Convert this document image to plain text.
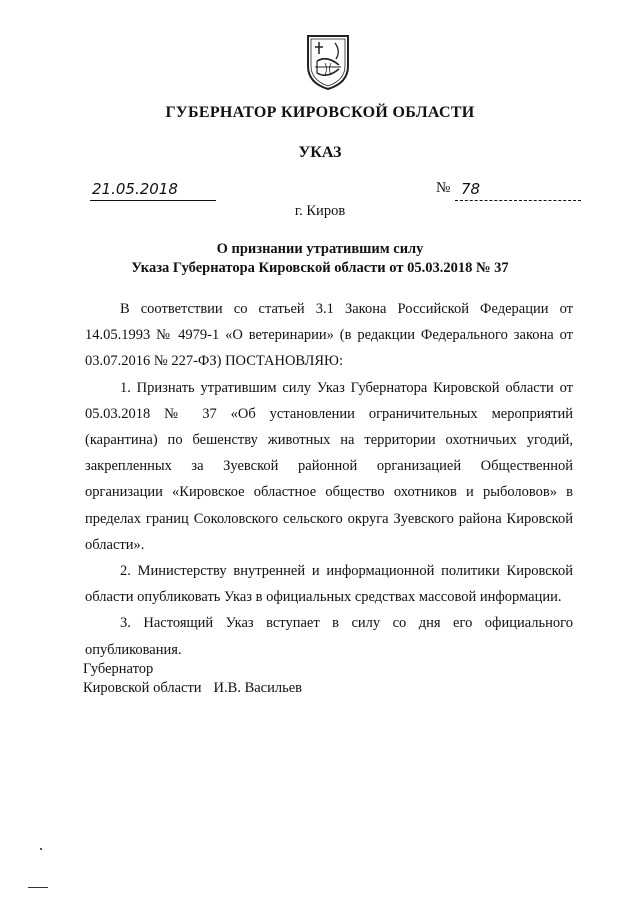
ГУБЕРНАТОР КИРОВСКОЙ ОБЛАСТИ
УКАЗ
21.05.2018	№ 78
г. Киров
О признании утратившим силу
Указа Губернатора Кировской области от 05.03.2018 № 37

В соответствии со статьей 3.1 Закона Российской Федерации от 14.05.1993 № 4979-1 «О ветеринарии» (в редакции Федерального закона от 03.07.2016 № 227-ФЗ) ПОСТАНОВЛЯЮ:

1. Признать утратившим силу Указ Губернатора Кировской области от 05.03.2018 № 37 «Об установлении ограничительных мероприятий (карантина) по бешенству животных на территории охотничьих угодий, закрепленных за Зуевской районной организацией Общественной организации «Кировское областное общество охотников и рыболовов» в пределах границ Соколовского сельского округа Зуевского района Кировской области».

2. Министерству внутренней и информационной политики Кировской области опубликовать Указ в официальных средствах массовой информации.

3. Настоящий Указ вступает в силу со дня его официального опубликования.

Губернатор
Кировской области И.В. Васильев
